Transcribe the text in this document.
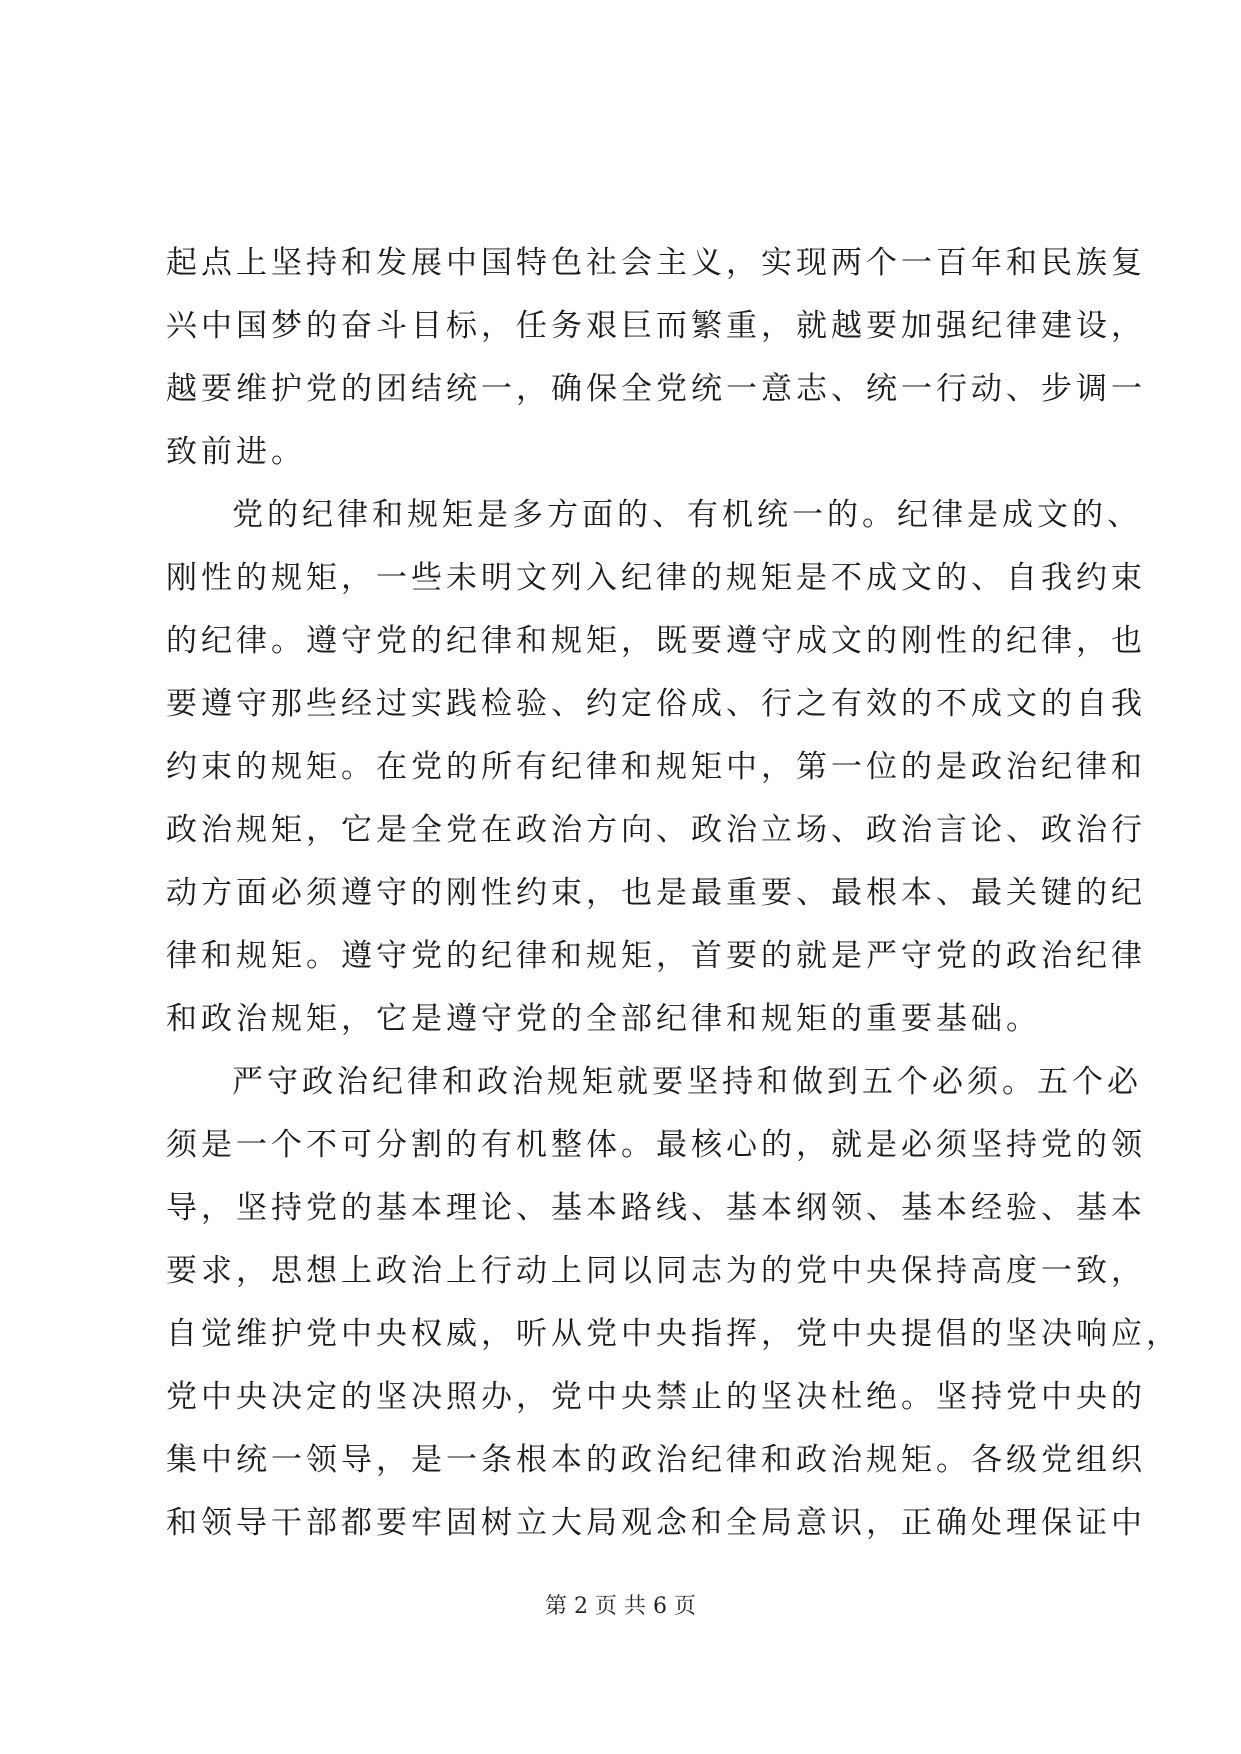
起点上坚持和发展中国特色社会主义，实现两个一百年和民族复
兴中国梦的奋斗目标，任务艰巨而繁重，就越要加强纪律建设，
越要维护党的团结统一，确保全党统一意志、统一行动、步调一
致前进。
党的纪律和规矩是多方面的、有机统一的。纪律是成文的、
刚性的规矩，一些未明文列入纪律的规矩是不成文的、自我约束
的纪律。遵守党的纪律和规矩，既要遵守成文的刚性的纪律，也
要遵守那些经过实践检验、约定俗成、行之有效的不成文的自我
约束的规矩。在党的所有纪律和规矩中，第一位的是政治纪律和
政治规矩，它是全党在政治方向、政治立场、政治言论、政治行
动方面必须遵守的刚性约束，也是最重要、最根本、最关键的纪
律和规矩。遵守党的纪律和规矩，首要的就是严守党的政治纪律
和政治规矩，它是遵守党的全部纪律和规矩的重要基础。
严守政治纪律和政治规矩就要坚持和做到五个必须。五个必
须是一个不可分割的有机整体。最核心的，就是必须坚持党的领
导，坚持党的基本理论、基本路线、基本纲领、基本经验、基本
要求，思想上政治上行动上同以同志为的党中央保持高度一致，
自觉维护党中央权威，听从党中央指挥，党中央提倡的坚决响应，
党中央决定的坚决照办，党中央禁止的坚决杜绝。坚持党中央的
集中统一领导，是一条根本的政治纪律和政治规矩。各级党组织
和领导干部都要牢固树立大局观念和全局意识，正确处理保证中
第 2 页 共 6 页
